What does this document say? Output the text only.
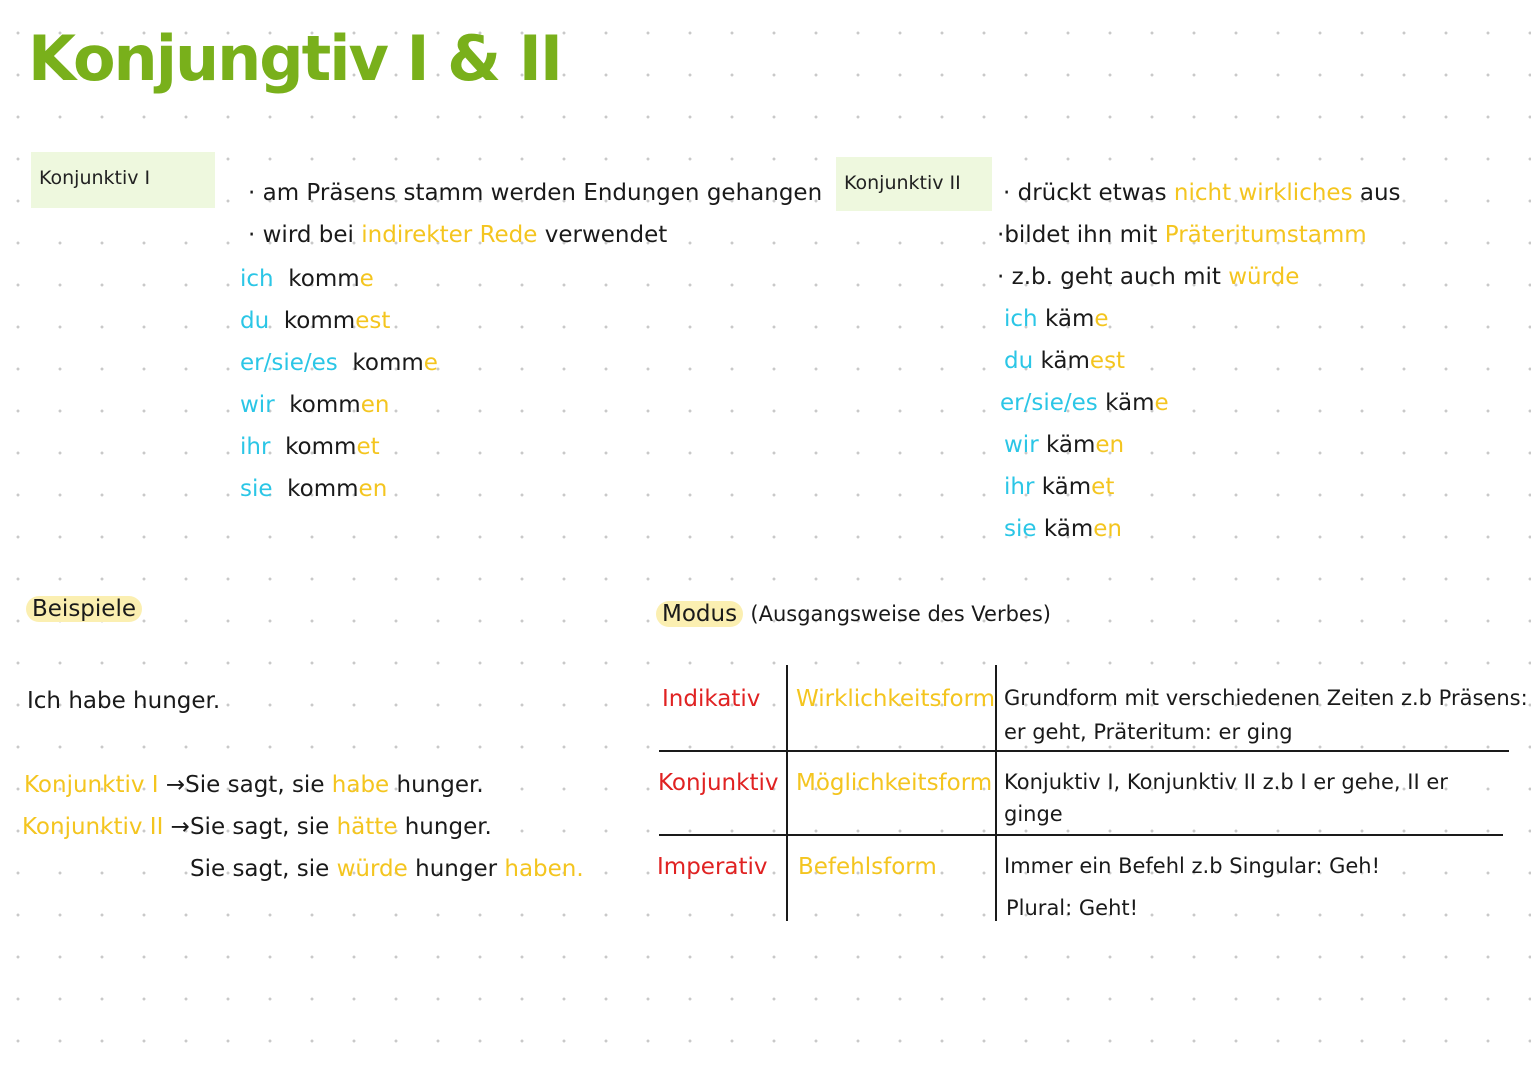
Konjungtiv I & II
Konjunktiv I
· am Präsens stamm werden Endungen gehangen
· wird bei indirekter Rede verwendet
ich komme
du kommest
er/sie/es komme
wir kommen
ihr kommet
sie kommen
Konjunktiv II	· drückt etwas nicht wirkliches aus
·bildet ihn mit Präteritumstamm
· z.b. geht auch mit würde
ich käme
du kämest
er/sie/es käme
wir kämen
ihr kämet
sie kämen
Beispiele
Ich habe hunger.
Konjunktiv I →Sie sagt, sie habe hunger.
Konjunktiv II →Sie sagt, sie hätte hunger.
Sie sagt, sie würde hunger haben.
Modus (Ausgangsweise des Verbes)
Indikativ Wirklichkeitsform Grundform mit verschiedenen Zeiten z.b Präsens:
er geht, Präteritum: er ging
Konjunktiv Möglichkeitsform Konjuktiv I, Konjunktiv II z.b I er gehe, II er
ginge
Imperativ Befehlsform	Immer ein Befehl z.b Singular: Geh!
Plural: Geht!
